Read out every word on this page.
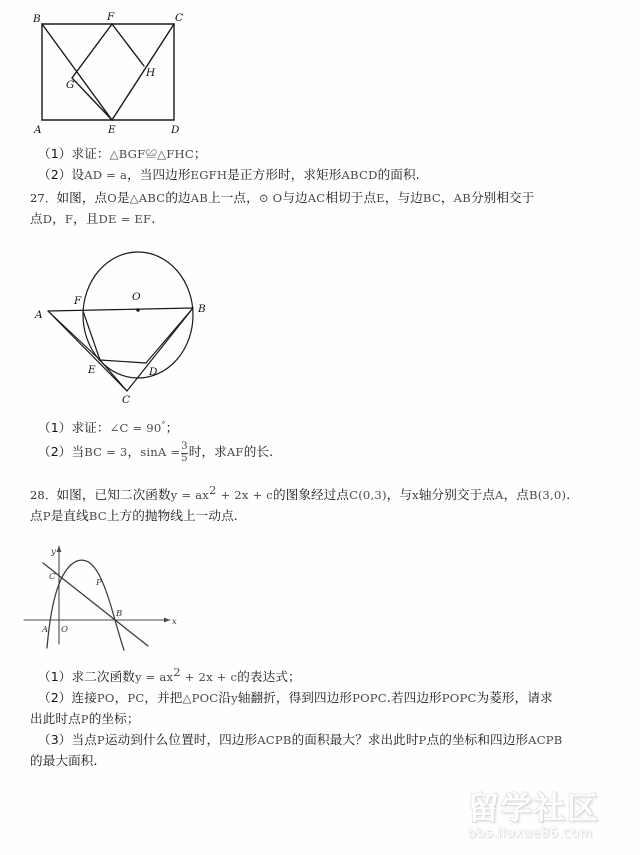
B	F	C
G
H
A	E	D
（1）求证：△BGF≌△FHC；
（2）设AD = a，当四边形EGFH是正方形时，求矩形ABCD的面积.
27．如图，点O是△ABC的边AB上一点，⊙ O与边AC相切于点E，与边BC，AB分别相交于
点D，F，且DE = EF.
A
F	O
B
E	D
C
（1）求证：∠C = 90°；
（2）当BC = 3，$\sin A = \frac{3}{5}$ 时，求AF的长.
28．如图，已知二次函数$y = ax^2 + 2x + c$的图象经过点C(0,3)，与x轴分别交于点A，点B(3,0).
点P是直线BC上方的抛物线上一动点.
y
x
C
A O
B
P
（1）求二次函数$y = ax^2 + 2x + c$的表达式；
（2）连接PO，PC，并把△POC沿y轴翻折，得到四边形POPC.若四边形POPC为菱形，请求
出此时点P的坐标；
（3）当点P运动到什么位置时，四边形ACPB的面积最大？求出此时P点的坐标和四边形ACPB
的最大面积.
留学社区
bbs.liuxue86.com
